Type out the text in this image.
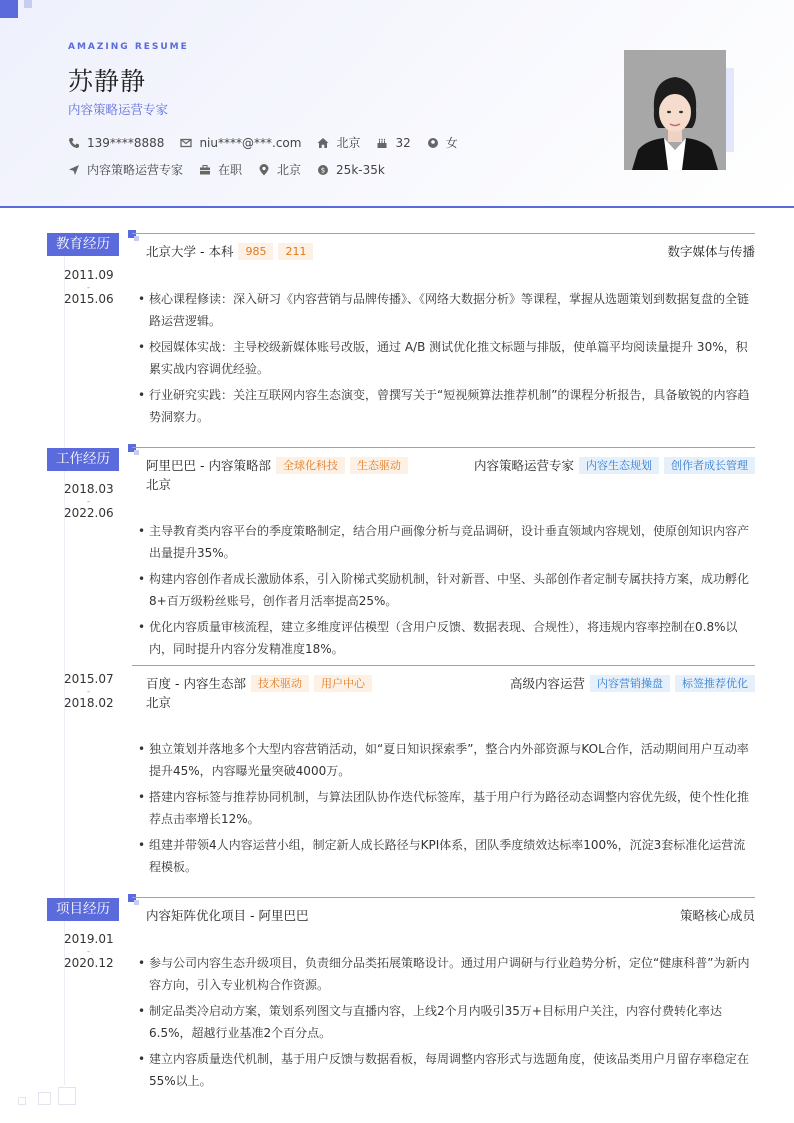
AMAZING RESUME
苏静静
内容策略运营专家
139****8888	niu****@***.com	北京	32	女
内容策略运营专家	在职	北京	$ 25k-35k
教育经历
2011.09
-
2015.06
北京大学 - 本科	985	211	数字媒体与传播
• 核心课程修读：深入研习《内容营销与品牌传播》、《网络大数据分析》等课程，掌握从选题策划到数据复盘的全链路运营逻辑。
• 校园媒体实战：主导校级新媒体账号改版，通过 A/B 测试优化推文标题与排版，使单篇平均阅读量提升 30%，积累实战内容调优经验。
• 行业研究实践：关注互联网内容生态演变，曾撰写关于“短视频算法推荐机制”的课程分析报告，具备敏锐的内容趋势洞察力。
工作经历
2018.03
-
2022.06
阿里巴巴 - 内容策略部	全球化科技	生态驱动	内容策略运营专家	内容生态规划	创作者成长管理
北京
• 主导教育类内容平台的季度策略制定，结合用户画像分析与竞品调研，设计垂直领域内容规划，使原创知识内容产出量提升35%。
• 构建内容创作者成长激励体系，引入阶梯式奖励机制，针对新晋、中坚、头部创作者定制专属扶持方案，成功孵化8+百万级粉丝账号，创作者月活率提高25%。
• 优化内容质量审核流程，建立多维度评估模型（含用户反馈、数据表现、合规性），将违规内容率控制在0.8%以内，同时提升内容分发精准度18%。
2015.07
-
2018.02
百度 - 内容生态部	技术驱动	用户中心	高级内容运营	内容营销操盘	标签推荐优化
北京
• 独立策划并落地多个大型内容营销活动，如“夏日知识探索季”，整合内外部资源与KOL合作，活动期间用户互动率提升45%，内容曝光量突破4000万。
• 搭建内容标签与推荐协同机制，与算法团队协作迭代标签库，基于用户行为路径动态调整内容优先级，使个性化推荐点击率增长12%。
• 组建并带领4人内容运营小组，制定新人成长路径与KPI体系，团队季度绩效达标率100%，沉淀3套标准化运营流程模板。
项目经历
2019.01
-
2020.12
内容矩阵优化项目 - 阿里巴巴	策略核心成员
• 参与公司内容生态升级项目，负责细分品类拓展策略设计。通过用户调研与行业趋势分析，定位“健康科普”为新内容方向，引入专业机构合作资源。
• 制定品类冷启动方案，策划系列图文与直播内容，上线2个月内吸引35万+目标用户关注，内容付费转化率达6.5%，超越行业基准2个百分点。
• 建立内容质量迭代机制，基于用户反馈与数据看板，每周调整内容形式与选题角度，使该品类用户月留存率稳定在55%以上。
